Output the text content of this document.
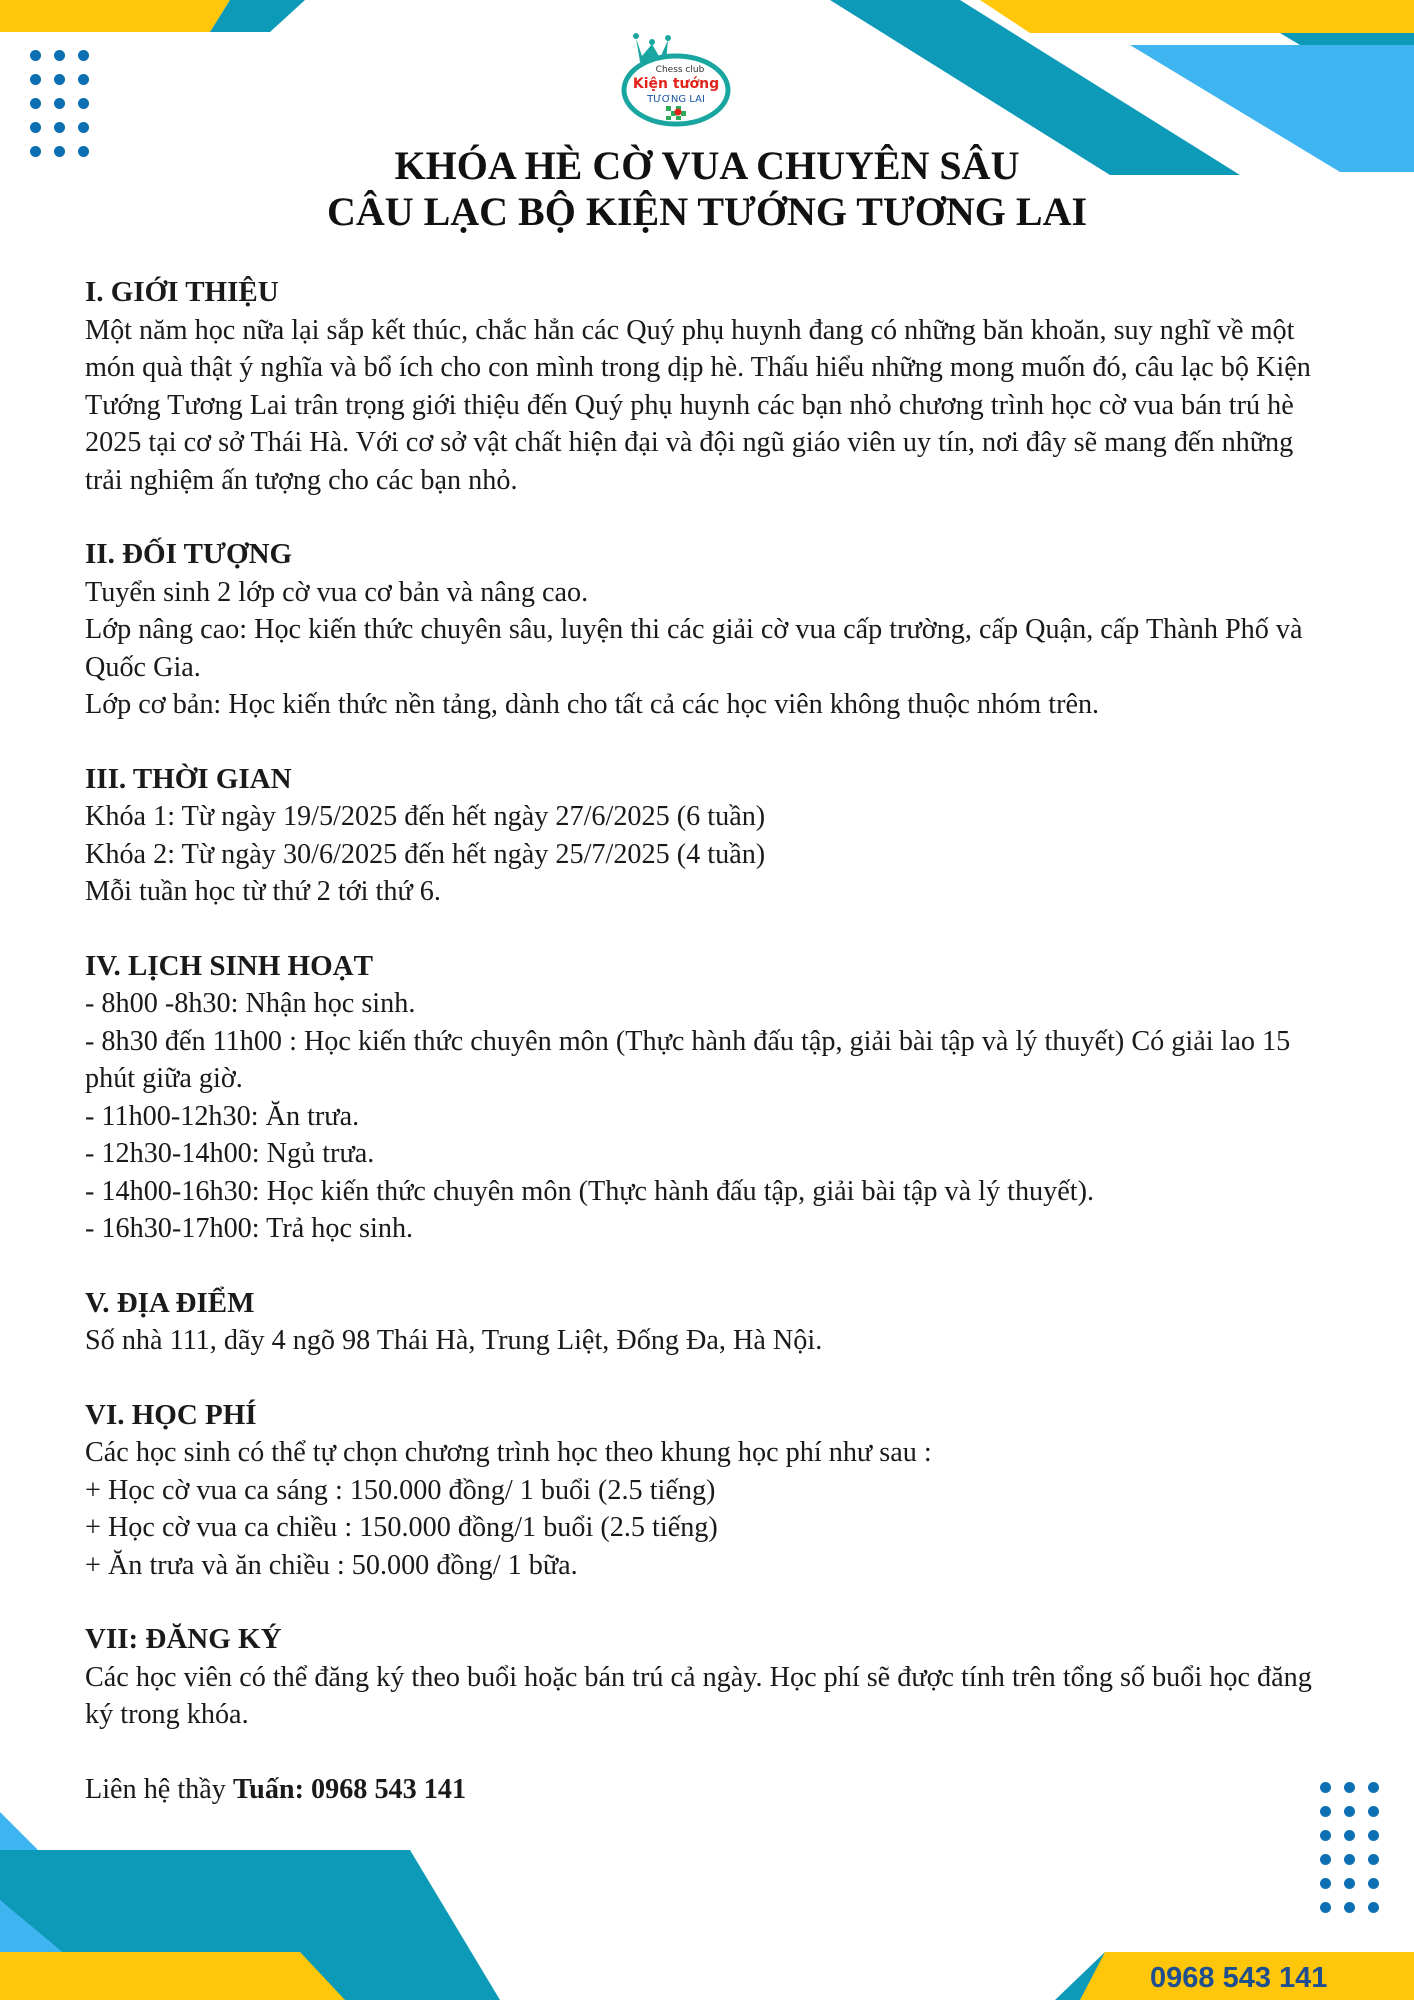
Chess club
Kiện tướng
TƯƠNG LAI
KHÓA HÈ CỜ VUA CHUYÊN SÂU
CÂU LẠC BỘ KIỆN TƯỚNG TƯƠNG LAI
I. GIỚI THIỆU

Một năm học nữa lại sắp kết thúc, chắc hẳn các Quý phụ huynh đang có những băn khoăn, suy nghĩ về một món quà thật ý nghĩa và bổ ích cho con mình trong dịp hè. Thấu hiểu những mong muốn đó, câu lạc bộ Kiện Tướng Tương Lai trân trọng giới thiệu đến Quý phụ huynh các bạn nhỏ chương trình học cờ vua bán trú hè 2025 tại cơ sở Thái Hà. Với cơ sở vật chất hiện đại và đội ngũ giáo viên uy tín, nơi đây sẽ mang đến những trải nghiệm ấn tượng cho các bạn nhỏ.

II. ĐỐI TƯỢNG

Tuyển sinh 2 lớp cờ vua cơ bản và nâng cao.

Lớp nâng cao: Học kiến thức chuyên sâu, luyện thi các giải cờ vua cấp trường, cấp Quận, cấp Thành Phố và Quốc Gia.

Lớp cơ bản: Học kiến thức nền tảng, dành cho tất cả các học viên không thuộc nhóm trên.

III. THỜI GIAN

Khóa 1: Từ ngày 19/5/2025 đến hết ngày 27/6/2025 (6 tuần)

Khóa 2: Từ ngày 30/6/2025 đến hết ngày 25/7/2025 (4 tuần)

Mỗi tuần học từ thứ 2 tới thứ 6.

IV. LỊCH SINH HOẠT

- 8h00 -8h30: Nhận học sinh.

- 8h30 đến 11h00 : Học kiến thức chuyên môn (Thực hành đấu tập, giải bài tập và lý thuyết) Có giải lao 15 phút giữa giờ.

- 11h00-12h30: Ăn trưa.

- 12h30-14h00: Ngủ trưa.

- 14h00-16h30: Học kiến thức chuyên môn (Thực hành đấu tập, giải bài tập và lý thuyết).

- 16h30-17h00: Trả học sinh.

V. ĐỊA ĐIỂM

Số nhà 111, dãy 4 ngõ 98 Thái Hà, Trung Liệt, Đống Đa, Hà Nội.

VI. HỌC PHÍ

Các học sinh có thể tự chọn chương trình học theo khung học phí như sau :

+ Học cờ vua ca sáng : 150.000 đồng/ 1 buổi (2.5 tiếng)

+ Học cờ vua ca chiều : 150.000 đồng/1 buổi (2.5 tiếng)

+ Ăn trưa và ăn chiều : 50.000 đồng/ 1 bữa.

VII: ĐĂNG KÝ

Các học viên có thể đăng ký theo buổi hoặc bán trú cả ngày. Học phí sẽ được tính trên tổng số buổi học đăng ký trong khóa.

Liên hệ thầy Tuấn: 0968 543 141

0968 543 141
